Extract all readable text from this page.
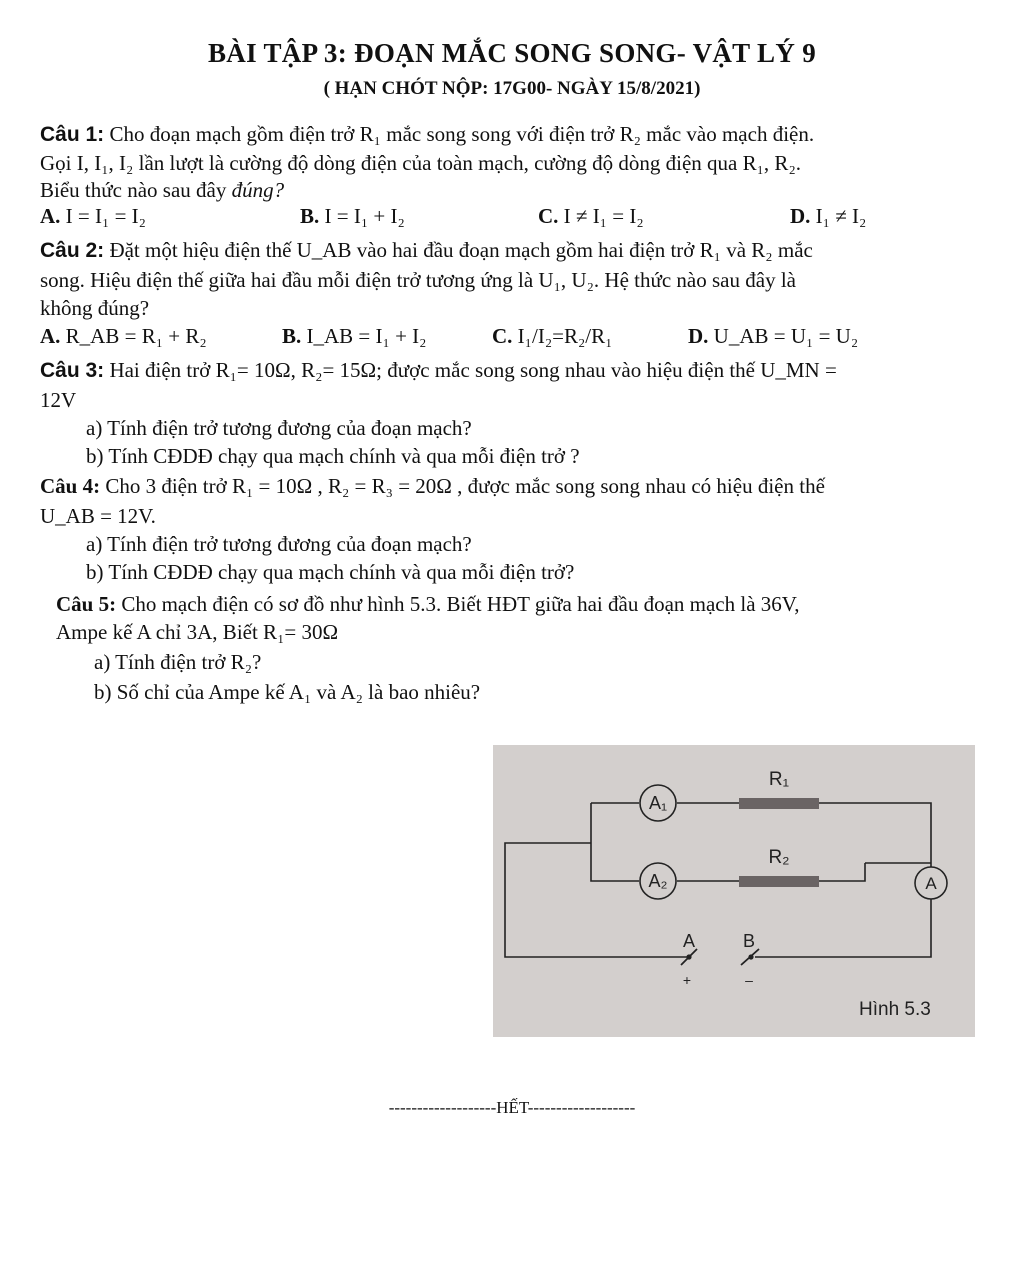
BÀI TẬP 3: ĐOẠN MẮC SONG SONG- VẬT LÝ 9
( HẠN CHÓT NỘP: 17G00- NGÀY 15/8/2021)
Câu 1: Cho đoạn mạch gồm điện trở R₁ mắc song song với điện trở R₂ mắc vào mạch điện.
Gọi I, I₁, I₂ lần lượt là cường độ dòng điện của toàn mạch, cường độ dòng điện qua R₁, R₂.
Biểu thức nào sau đây đúng?
A. I = I₁ = I₂	B. I = I₁ + I₂	C. I ≠ I₁ = I₂	D. I₁ ≠ I₂
Câu 2: Đặt một hiệu điện thế U_AB vào hai đầu đoạn mạch gồm hai điện trở R₁ và R₂ mắc
song. Hiệu điện thế giữa hai đầu mỗi điện trở tương ứng là U₁, U₂. Hệ thức nào sau đây là
không đúng?
A. R_AB = R₁ + R₂	B. I_AB = I₁ + I₂	C. I₁/I₂=R₂/R₁	D. U_AB = U₁ = U₂
Câu 3: Hai điện trở R₁= 10Ω, R₂= 15Ω; được mắc song song nhau vào hiệu điện thế U_MN =
12V
a) Tính điện trở tương đương của đoạn mạch?
b) Tính CĐDĐ chạy qua mạch chính và qua mỗi điện trở ?
Câu 4: Cho 3 điện trở R₁ = 10Ω , R₂ = R₃ = 20Ω , được mắc song song nhau có hiệu điện thế
U_AB = 12V.
a) Tính điện trở tương đương của đoạn mạch?
b) Tính CĐDĐ chạy qua mạch chính và qua mỗi điện trở?
Câu 5: Cho mạch điện có sơ đồ như hình 5.3. Biết HĐT giữa hai đầu đoạn mạch là 36V,
Ampe kế A chỉ 3A, Biết R₁= 30Ω
a) Tính điện trở R₂?
b) Số chỉ của Ampe kế A₁ và A₂ là bao nhiêu?
A₁
A₂	A
R₁
R₂
A	B
+	–
Hình 5.3
-------------------HẾT-------------------
